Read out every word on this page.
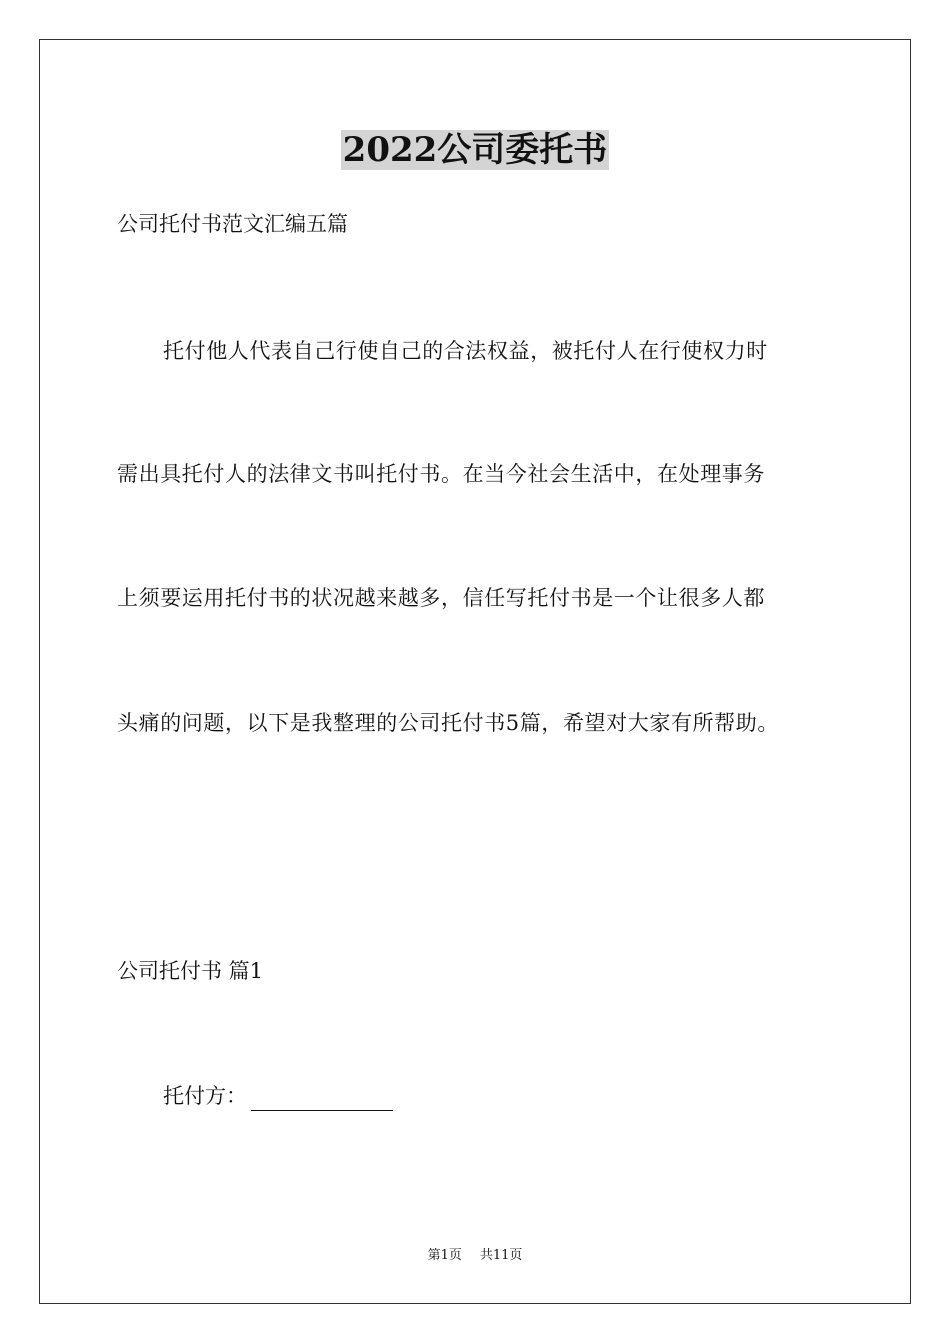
2022公司委托书

公司托付书范文汇编五篇

托付他人代表自己行使自己的合法权益，被托付人在行使权力时

需出具托付人的法律文书叫托付书。在当今社会生活中，在处理事务

上须要运用托付书的状况越来越多，信任写托付书是一个让很多人都

头痛的问题，以下是我整理的公司托付书5篇，希望对大家有所帮助。

公司托付书 篇1

托付方：
第1页 共11页
